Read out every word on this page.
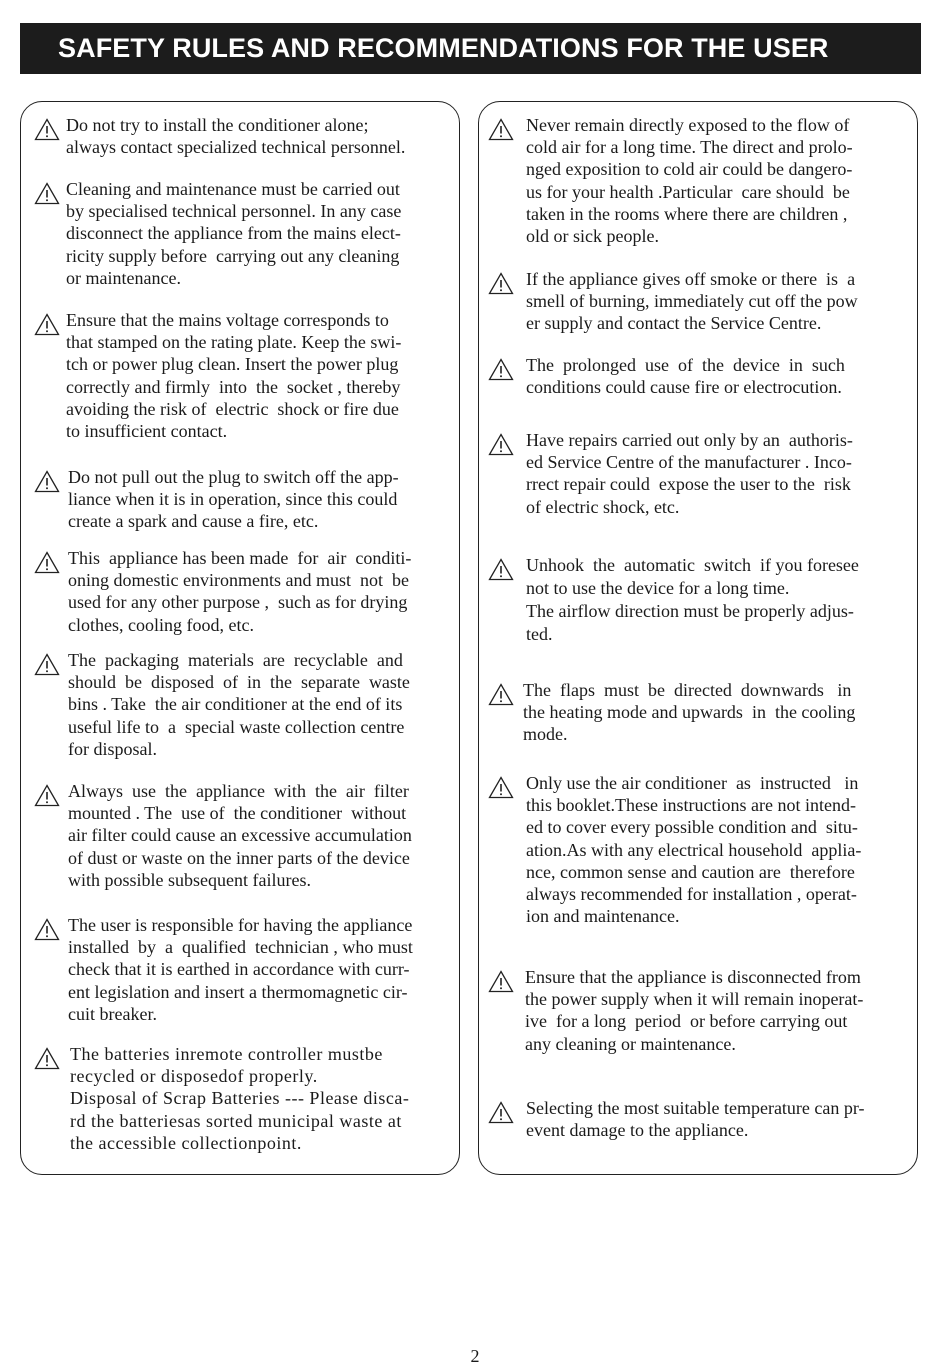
SAFETY RULES AND RECOMMENDATIONS FOR THE USER

Do not try to install the conditioner alone;
always contact specialized technical personnel.

Cleaning and maintenance must be carried out
by specialised technical personnel. In any case
disconnect the appliance from the mains elect-
ricity supply before  carrying out any cleaning
or maintenance.

Ensure that the mains voltage corresponds to
that stamped on the rating plate. Keep the swi-
tch or power plug clean. Insert the power plug
correctly and firmly  into  the  socket , thereby
avoiding the risk of  electric  shock or fire due
to insufficient contact.

Do not pull out the plug to switch off the app-
liance when it is in operation, since this could
create a spark and cause a fire, etc.

This  appliance has been made  for  air  conditi-
oning domestic environments and must  not  be
used for any other purpose ,  such as for drying
clothes, cooling food, etc.

The  packaging  materials  are  recyclable  and
should  be  disposed  of  in  the  separate  waste
bins . Take  the air conditioner at the end of its
useful life to  a  special waste collection centre
for disposal.

Always  use  the  appliance  with  the  air  filter
mounted . The  use of  the conditioner  without
air filter could cause an excessive accumulation
of dust or waste on the inner parts of the device
with possible subsequent failures.

The user is responsible for having the appliance
installed  by  a  qualified  technician , who must
check that it is earthed in accordance with curr-
ent legislation and insert a thermomagnetic cir-
cuit breaker.

The batteries inremote controller mustbe
recycled or disposedof properly.
Disposal of Scrap Batteries --- Please disca-
rd the batteriesas sorted municipal waste at
the accessible collectionpoint.

Never remain directly exposed to the flow of
cold air for a long time. The direct and prolo-
nged exposition to cold air could be dangero-
us for your health .Particular  care should  be
taken in the rooms where there are children ,
old or sick people.

If the appliance gives off smoke or there  is  a
smell of burning, immediately cut off the pow
er supply and contact the Service Centre.

The  prolonged  use  of  the  device  in  such
conditions could cause fire or electrocution.

Have repairs carried out only by an  authoris-
ed Service Centre of the manufacturer . Inco-
rrect repair could  expose the user to the  risk
of electric shock, etc.

Unhook  the  automatic  switch  if you foresee
not to use the device for a long time.
The airflow direction must be properly adjus-
ted.

The  flaps  must  be  directed  downwards   in
the heating mode and upwards  in  the cooling
mode.

Only use the air conditioner  as  instructed   in
this booklet.These instructions are not intend-
ed to cover every possible condition and  situ-
ation.As with any electrical household  applia-
nce, common sense and caution are  therefore
always recommended for installation , operat-
ion and maintenance.

Ensure that the appliance is disconnected from
the power supply when it will remain inoperat-
ive  for a long  period  or before carrying out
any cleaning or maintenance.

Selecting the most suitable temperature can pr-
event damage to the appliance.

2
